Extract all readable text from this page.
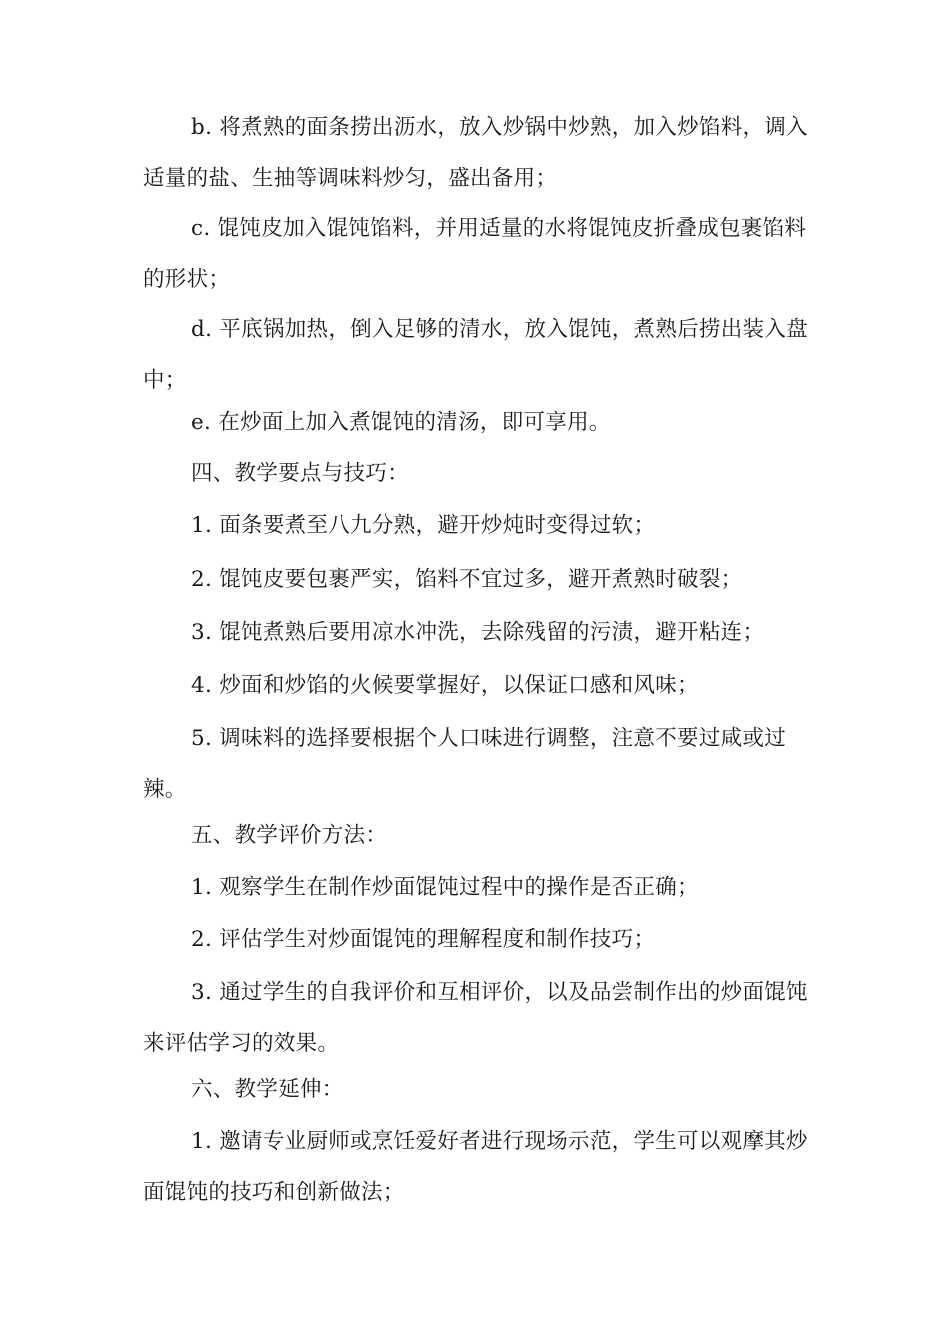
b. 将煮熟的面条捞出沥水，放入炒锅中炒熟，加入炒馅料，调入适量的盐、生抽等调味料炒匀，盛出备用；

c. 馄饨皮加入馄饨馅料，并用适量的水将馄饨皮折叠成包裹馅料的形状；

d. 平底锅加热，倒入足够的清水，放入馄饨，煮熟后捞出装入盘中；

e. 在炒面上加入煮馄饨的清汤，即可享用。

四、教学要点与技巧：

1. 面条要煮至八九分熟，避开炒炖时变得过软；

2. 馄饨皮要包裹严实，馅料不宜过多，避开煮熟时破裂；

3. 馄饨煮熟后要用凉水冲洗，去除残留的污渍，避开粘连；

4. 炒面和炒馅的火候要掌握好，以保证口感和风味；

5. 调味料的选择要根据个人口味进行调整，注意不要过咸或过辣。

五、教学评价方法：

1. 观察学生在制作炒面馄饨过程中的操作是否正确；

2. 评估学生对炒面馄饨的理解程度和制作技巧；

3. 通过学生的自我评价和互相评价，以及品尝制作出的炒面馄饨来评估学习的效果。

六、教学延伸：

1. 邀请专业厨师或烹饪爱好者进行现场示范，学生可以观摩其炒面馄饨的技巧和创新做法；
